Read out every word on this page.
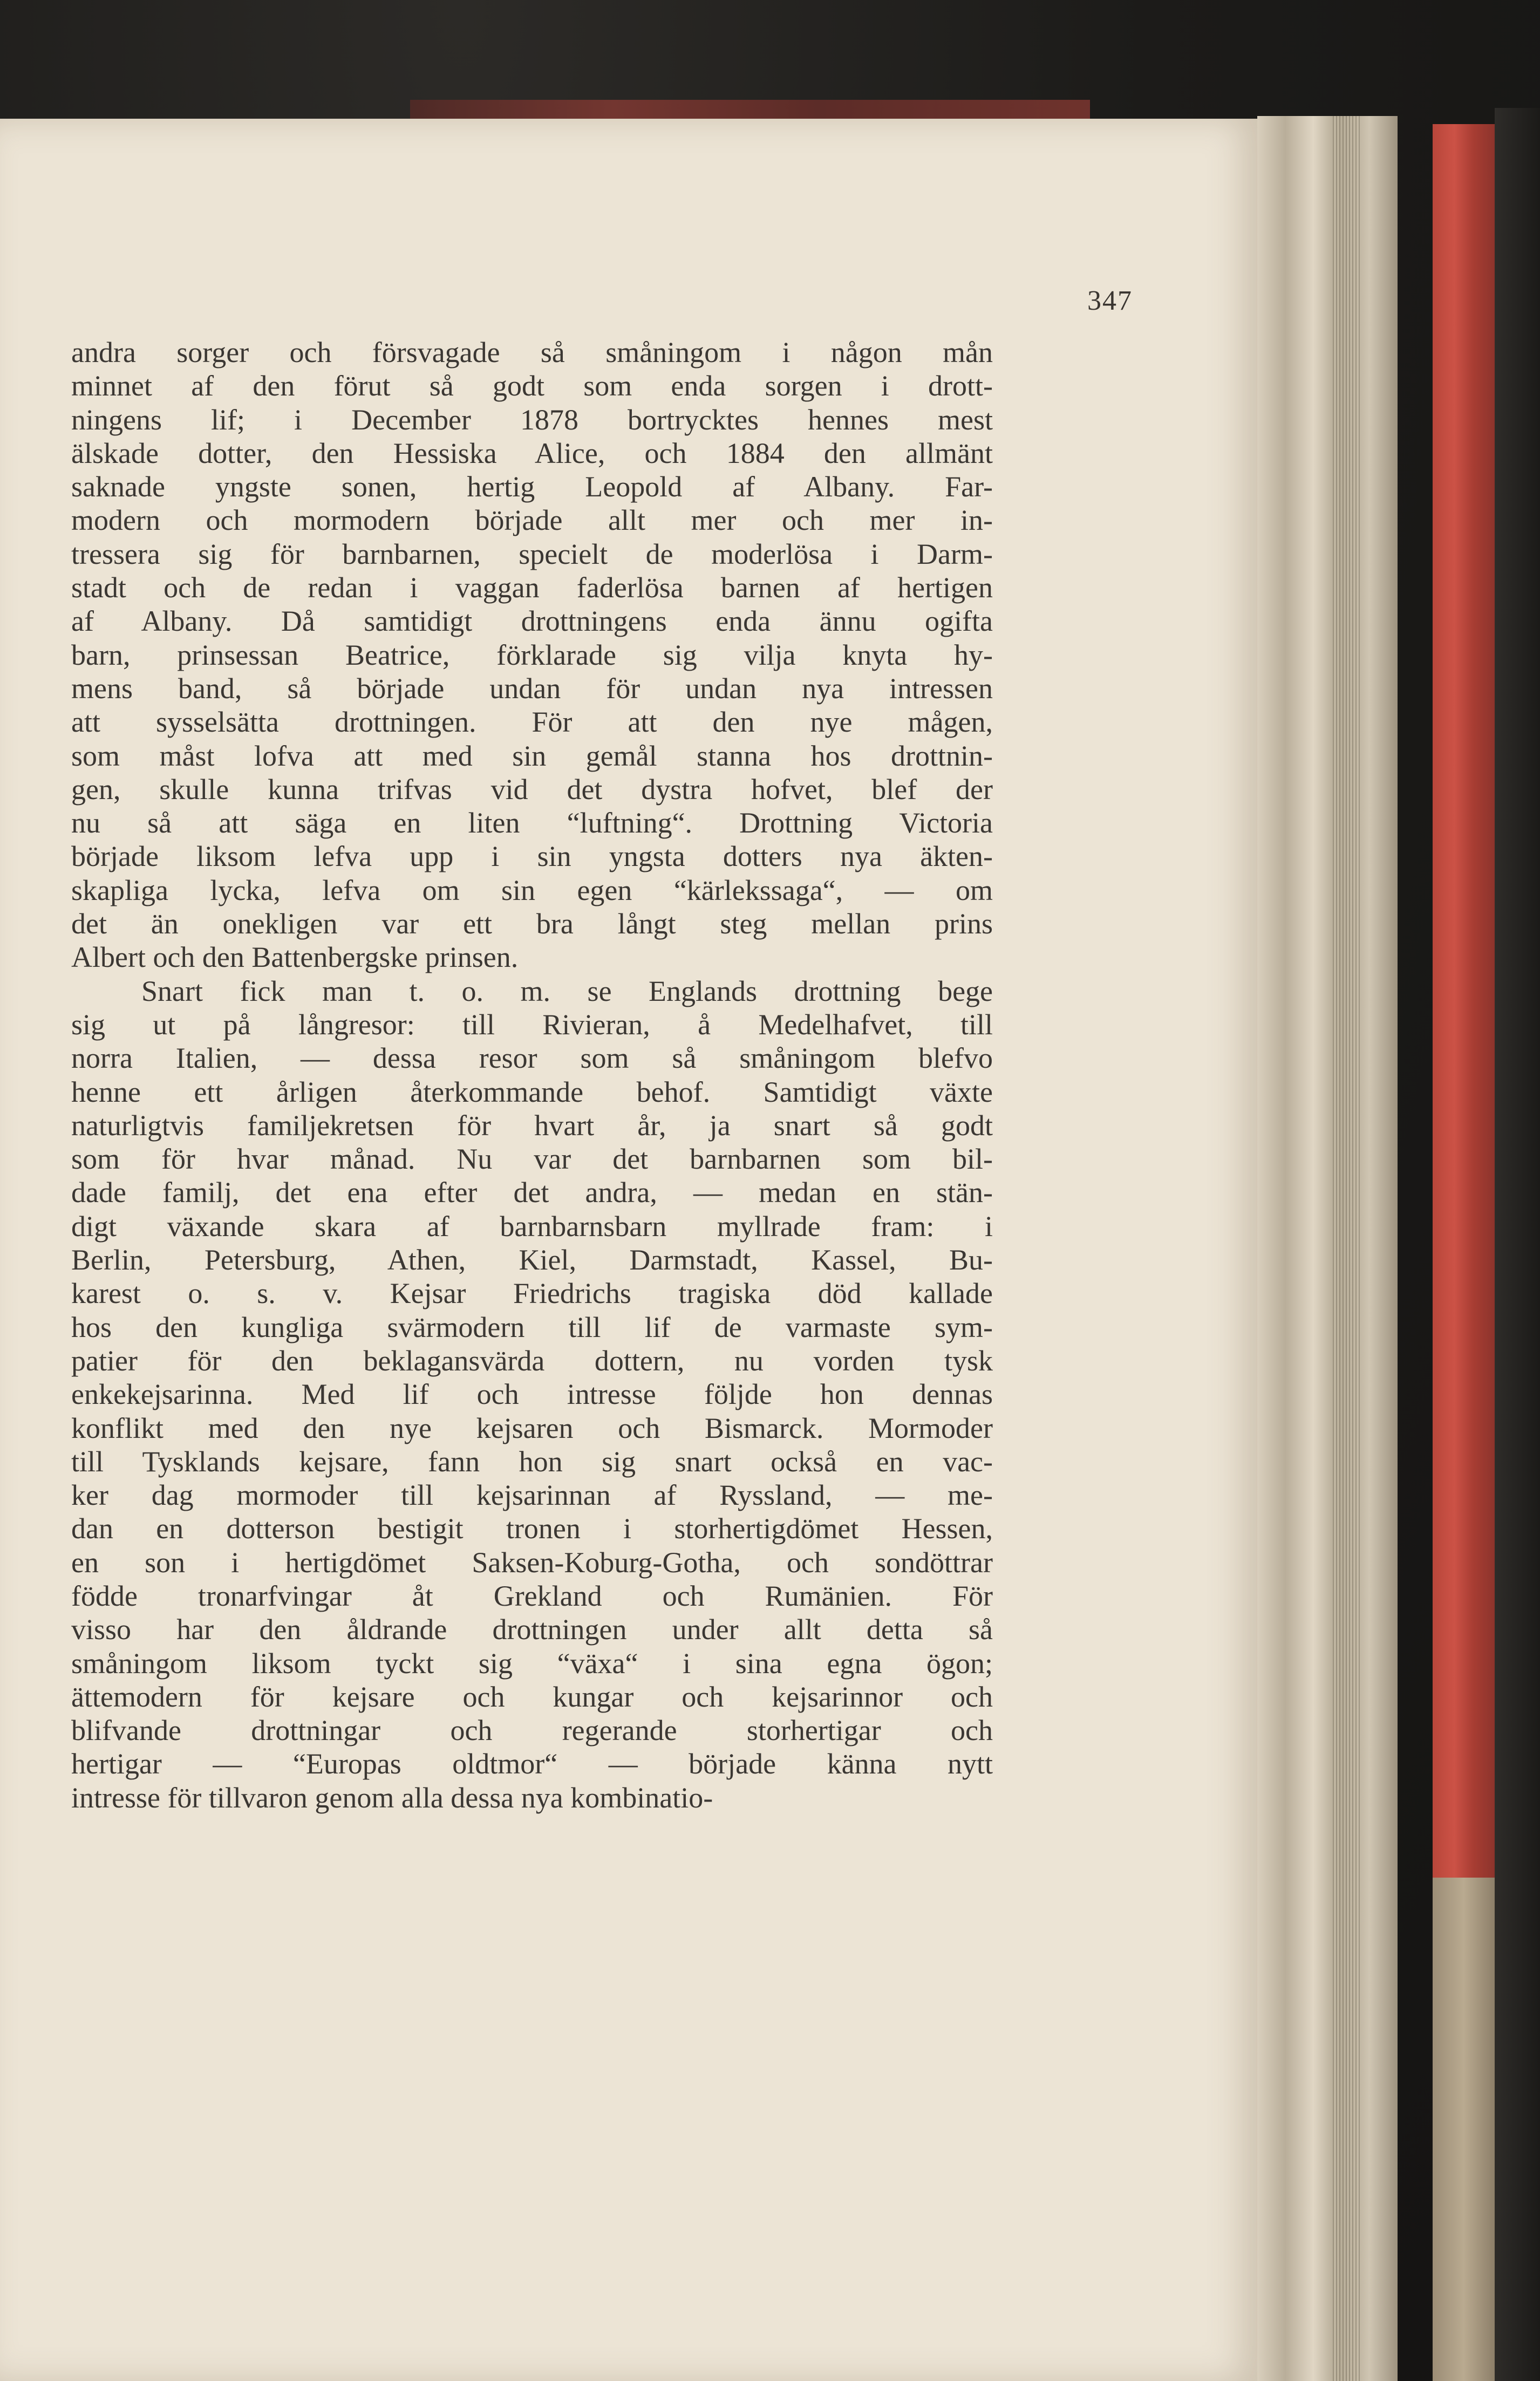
347
andra sorger och försvagade så småningom i någon mån
minnet af den förut så godt som enda sorgen i drott-
ningens lif; i December 1878 bortrycktes hennes mest
älskade dotter, den Hessiska Alice, och 1884 den allmänt
saknade yngste sonen, hertig Leopold af Albany. Far-
modern och mormodern började allt mer och mer in-
tressera sig för barnbarnen, specielt de moderlösa i Darm-
stadt och de redan i vaggan faderlösa barnen af hertigen
af Albany. Då samtidigt drottningens enda ännu ogifta
barn, prinsessan Beatrice, förklarade sig vilja knyta hy-
mens band, så började undan för undan nya intressen
att sysselsätta drottningen. För att den nye mågen,
som måst lofva att med sin gemål stanna hos drottnin-
gen, skulle kunna trifvas vid det dystra hofvet, blef der
nu så att säga en liten “luftning“. Drottning Victoria
började liksom lefva upp i sin yngsta dotters nya äkten-
skapliga lycka, lefva om sin egen “kärlekssaga“, — om
det än onekligen var ett bra långt steg mellan prins
Albert och den Battenbergske prinsen.
Snart fick man t. o. m. se Englands drottning bege
sig ut på långresor: till Rivieran, å Medelhafvet, till
norra Italien, — dessa resor som så småningom blefvo
henne ett årligen återkommande behof. Samtidigt växte
naturligtvis familjekretsen för hvart år, ja snart så godt
som för hvar månad. Nu var det barnbarnen som bil-
dade familj, det ena efter det andra, — medan en stän-
digt växande skara af barnbarnsbarn myllrade fram: i
Berlin, Petersburg, Athen, Kiel, Darmstadt, Kassel, Bu-
karest o. s. v. Kejsar Friedrichs tragiska död kallade
hos den kungliga svärmodern till lif de varmaste sym-
patier för den beklagansvärda dottern, nu vorden tysk
enkekejsarinna. Med lif och intresse följde hon dennas
konflikt med den nye kejsaren och Bismarck. Mormoder
till Tysklands kejsare, fann hon sig snart också en vac-
ker dag mormoder till kejsarinnan af Ryssland, — me-
dan en dotterson bestigit tronen i storhertigdömet Hessen,
en son i hertigdömet Saksen-Koburg-Gotha, och sondöttrar
födde tronarfvingar åt Grekland och Rumänien. För
visso har den åldrande drottningen under allt detta så
småningom liksom tyckt sig “växa“ i sina egna ögon;
ättemodern för kejsare och kungar och kejsarinnor och
blifvande drottningar och regerande storhertigar och
hertigar — “Europas oldtmor“ — började känna nytt
intresse för tillvaron genom alla dessa nya kombinatio-
